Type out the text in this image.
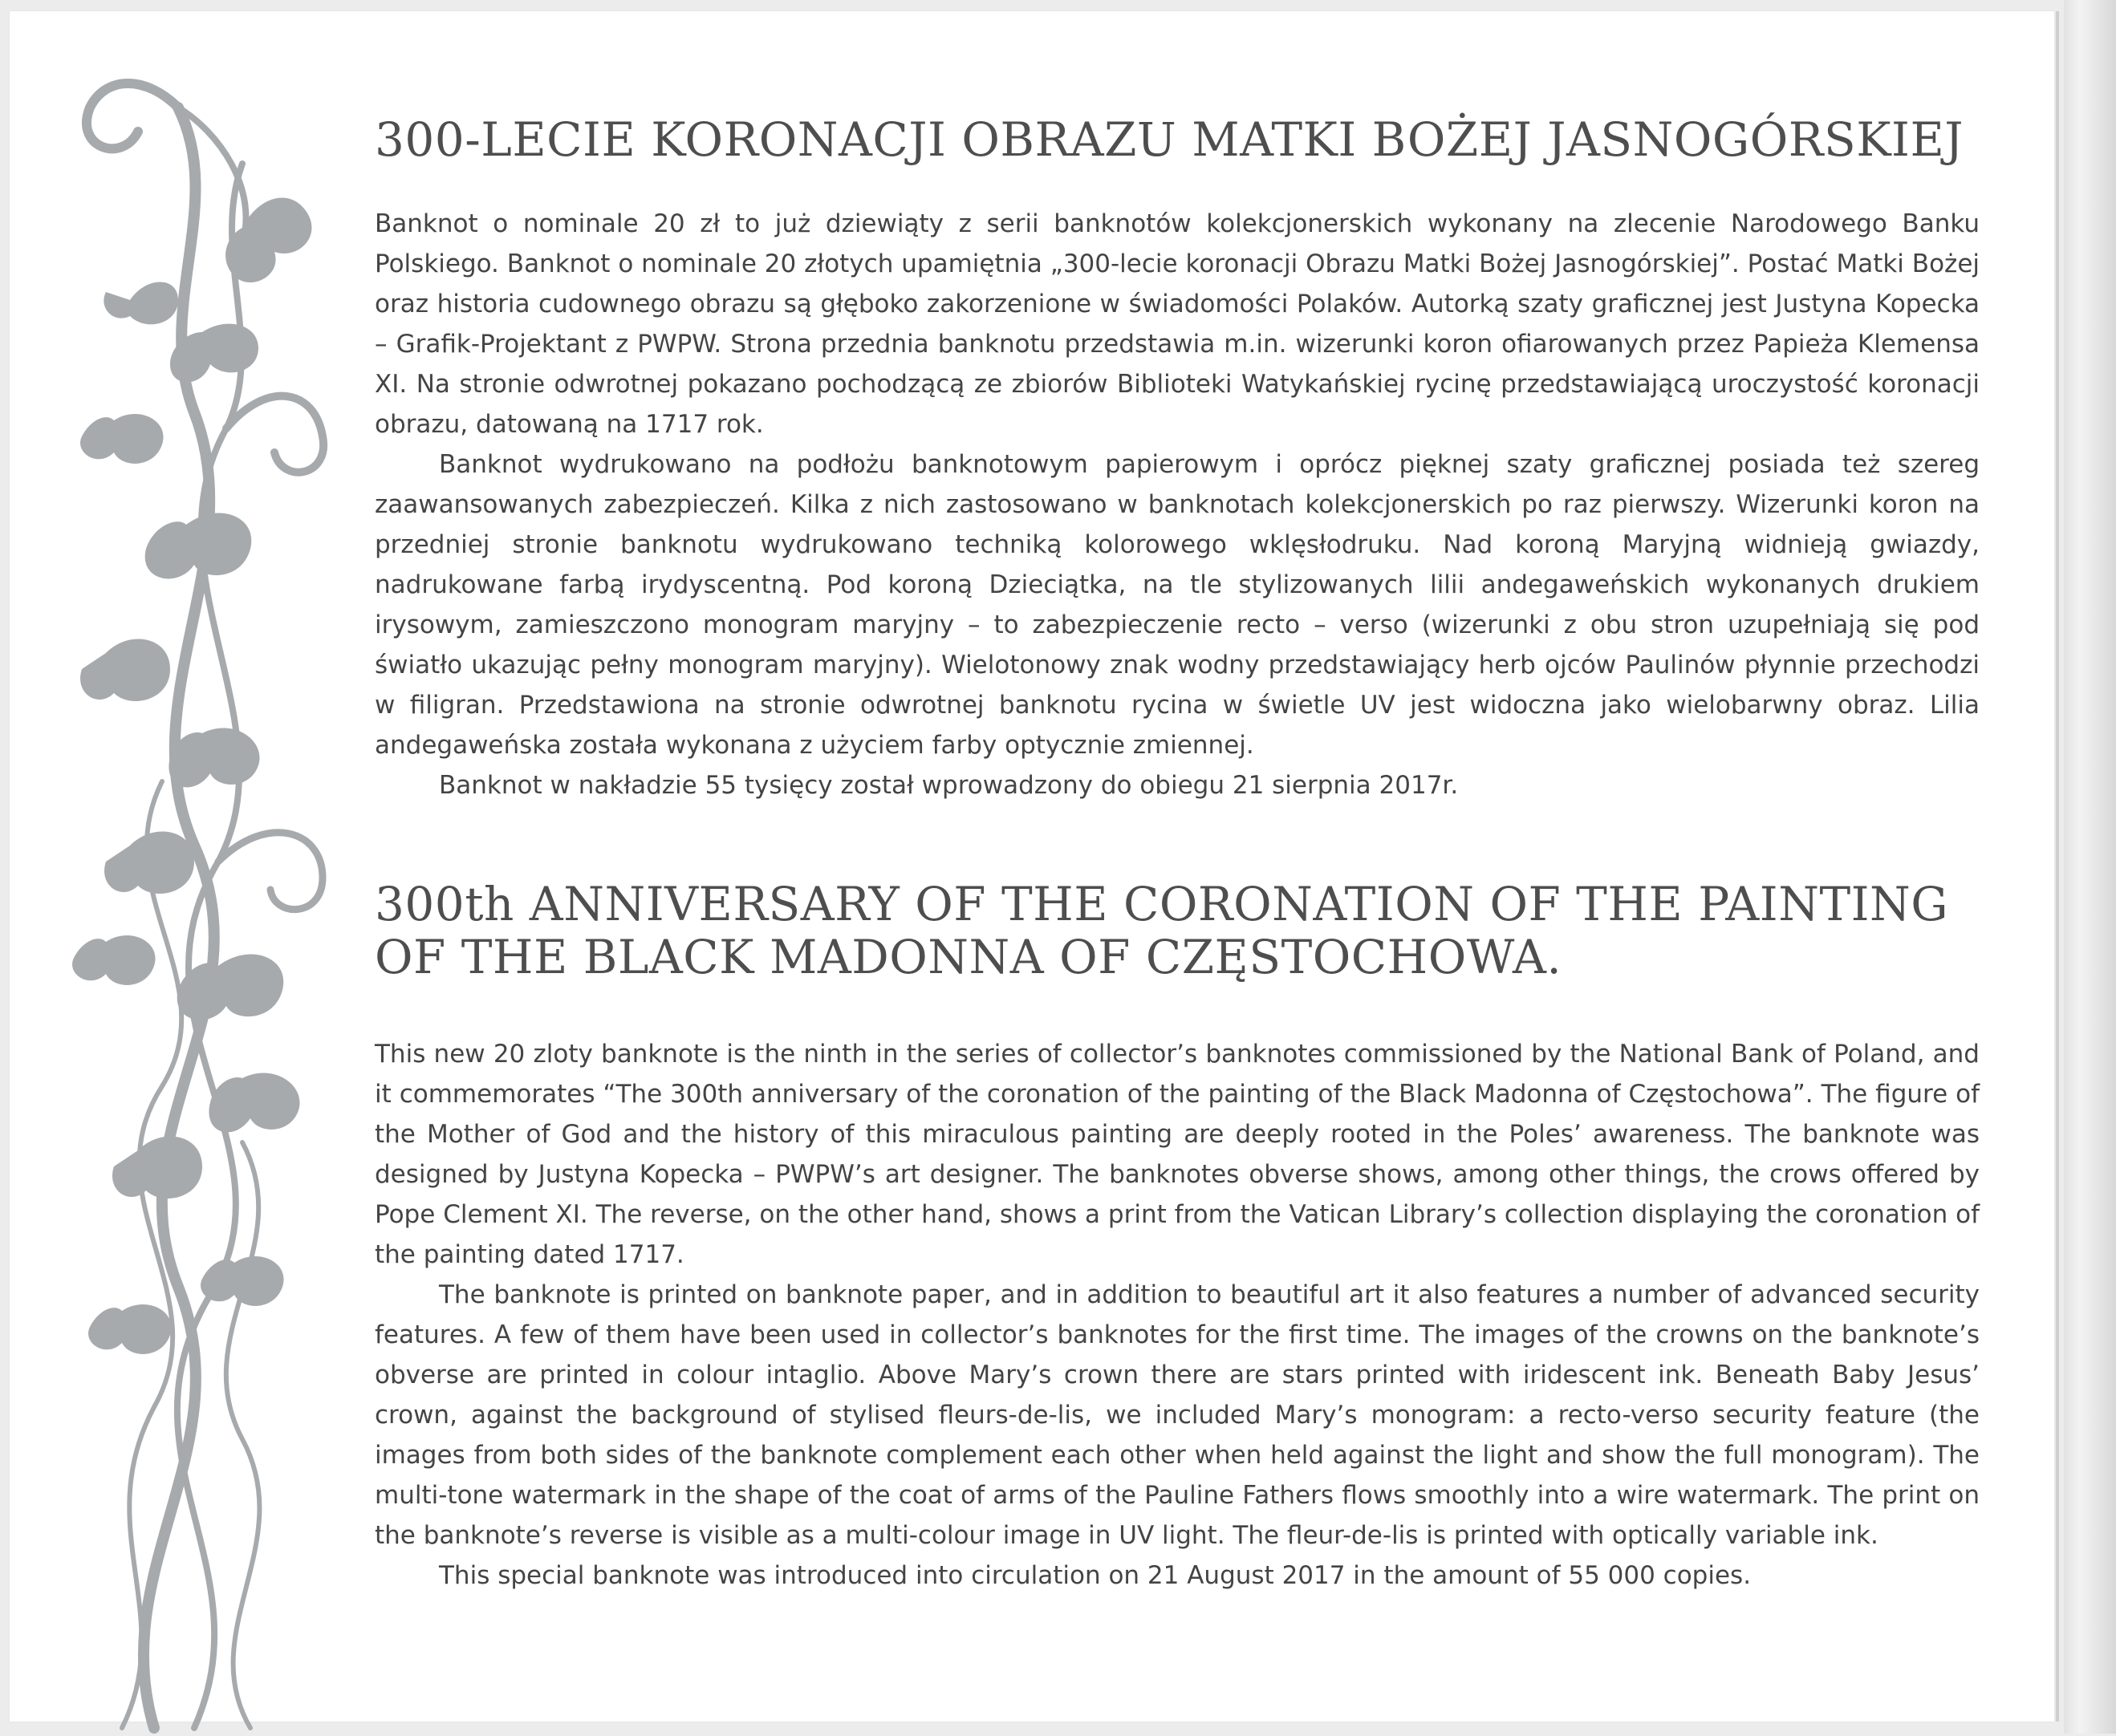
300-LECIE KORONACJI OBRAZU MATKI BOŻEJ JASNOGÓRSKIEJ

Banknot o nominale 20 zł to już dziewiąty z serii banknotów kolekcjonerskich wykonany na zlecenie Narodowego Banku Polskiego. Banknot o nominale 20 złotych upamiętnia „300-lecie koronacji Obrazu Matki Bożej Jasnogórskiej”. Postać Matki Bożej oraz historia cudownego obrazu są głęboko zakorzenione w świadomości Polaków. Autorką szaty graficznej jest Justyna Kopecka – Grafik-Projektant z PWPW. Strona przednia banknotu przedstawia m.in. wizerunki koron ofiarowanych przez Papieża Klemensa XI. Na stronie odwrotnej pokazano pochodzącą ze zbiorów Biblioteki Watykańskiej rycinę przedstawiającą uroczystość koronacji obrazu, datowaną na 1717 rok.

Banknot wydrukowano na podłożu banknotowym papierowym i oprócz pięknej szaty graficznej posiada też szereg zaawansowanych zabezpieczeń. Kilka z nich zastosowano w banknotach kolekcjonerskich po raz pierwszy. Wizerunki koron na przedniej stronie banknotu wydrukowano techniką kolorowego wklęsłodruku. Nad koroną Maryjną widnieją gwiazdy, nadrukowane farbą irydyscentną. Pod koroną Dzieciątka, na tle stylizowanych lilii andegaweńskich wykonanych drukiem irysowym, zamieszczono monogram maryjny – to zabezpieczenie recto – verso (wizerunki z obu stron uzupełniają się pod światło ukazując pełny monogram maryjny). Wielotonowy znak wodny przedstawiający herb ojców Paulinów płynnie przechodzi w filigran. Przedstawiona na stronie odwrotnej banknotu rycina w świetle UV jest widoczna jako wielobarwny obraz. Lilia andegaweńska została wykonana z użyciem farby optycznie zmiennej.

Banknot w nakładzie 55 tysięcy został wprowadzony do obiegu 21 sierpnia 2017r.

300th ANNIVERSARY OF THE CORONATION OF THE PAINTING
OF THE BLACK MADONNA OF CZĘSTOCHOWA.

This new 20 zloty banknote is the ninth in the series of collector’s banknotes commissioned by the National Bank of Poland, and it commemorates “The 300th anniversary of the coronation of the painting of the Black Madonna of Częstochowa”. The figure of the Mother of God and the history of this miraculous painting are deeply rooted in the Poles’ awareness. The banknote was designed by Justyna Kopecka – PWPW’s art designer. The banknotes obverse shows, among other things, the crows offered by Pope Clement XI. The reverse, on the other hand, shows a print from the Vatican Library’s collection displaying the coronation of the painting dated 1717.

The banknote is printed on banknote paper, and in addition to beautiful art it also features a number of advanced security features. A few of them have been used in collector’s banknotes for the first time. The images of the crowns on the banknote’s obverse are printed in colour intaglio. Above Mary’s crown there are stars printed with iridescent ink. Beneath Baby Jesus’ crown, against the background of stylised fleurs-de-lis, we included Mary’s monogram: a recto-verso security feature (the images from both sides of the banknote complement each other when held against the light and show the full monogram). The multi-tone watermark in the shape of the coat of arms of the Pauline Fathers flows smoothly into a wire watermark. The print on the banknote’s reverse is visible as a multi-colour image in UV light. The fleur-de-lis is printed with optically variable ink.

This special banknote was introduced into circulation on 21 August 2017 in the amount of 55 000 copies.
